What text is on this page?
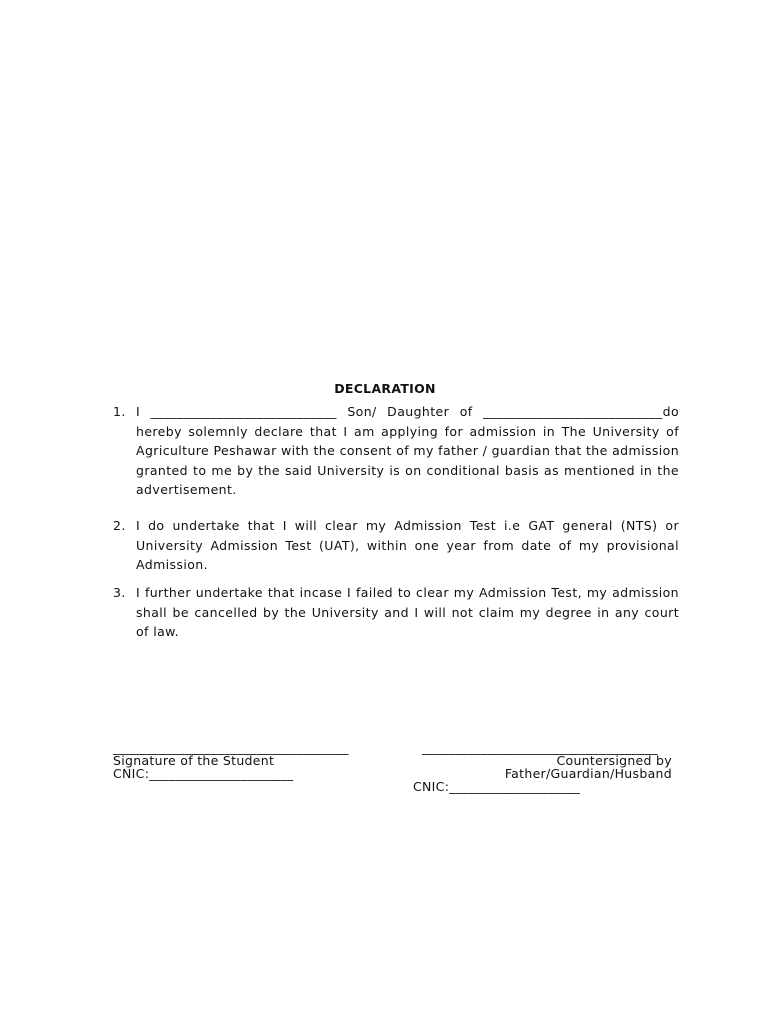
DECLARATION
1. I ____________________________ Son/ Daughter of ___________________________do hereby solemnly declare that I am applying for admission in The University of Agriculture Peshawar with the consent of my father / guardian that the admission granted to me by the said University is on conditional basis as mentioned in the advertisement.
2. I do undertake that I will clear my Admission Test i.e GAT general (NTS) or University Admission Test (UAT), within one year from date of my provisional Admission.
3. I further undertake that incase I failed to clear my Admission Test, my admission shall be cancelled by the University and I will not claim my degree in any court of law.
____________________________________
Signature of the Student
CNIC:______________________
____________________________________
Countersigned by
Father/Guardian/Husband
CNIC:____________________
